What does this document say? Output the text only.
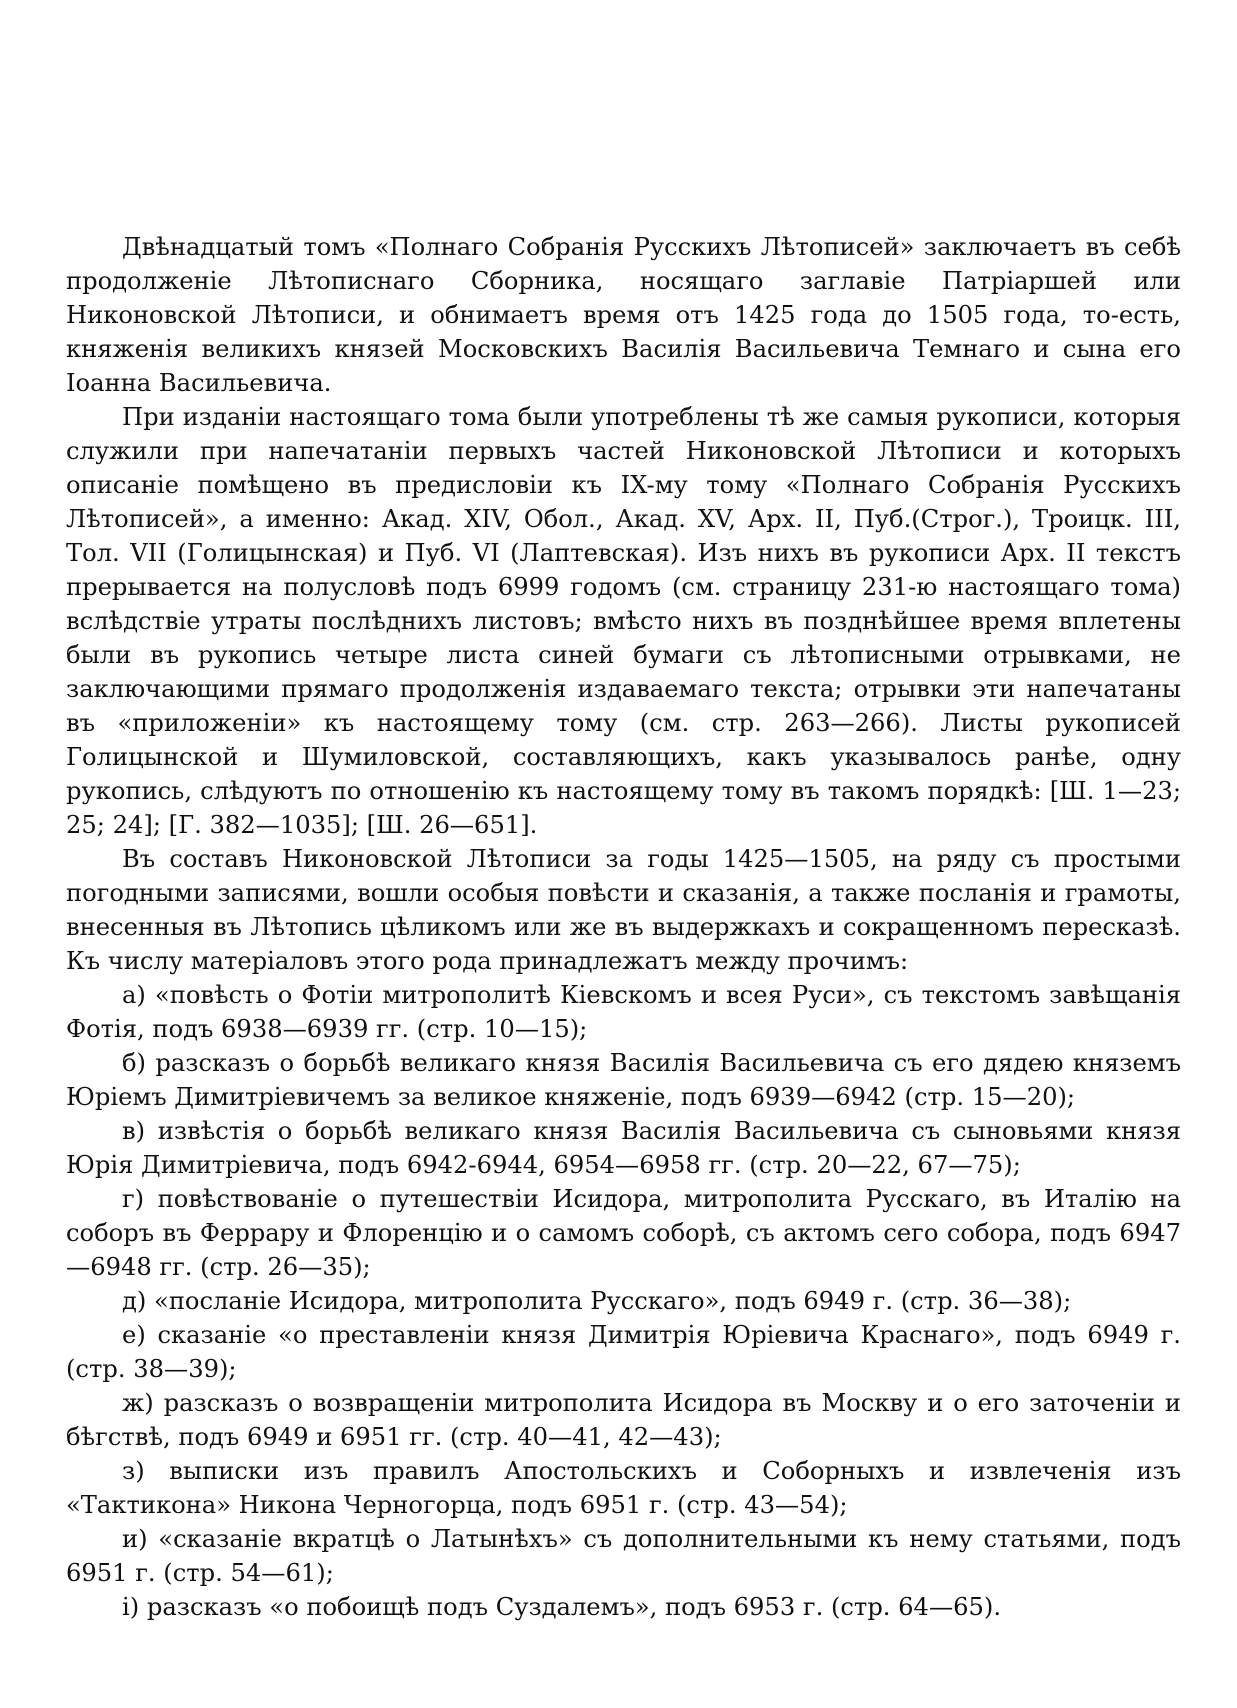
Двѣнадцатый томъ «Полнаго Собранія Русскихъ Лѣтописей» заключаетъ въ себѣ продолженіе Лѣтописнаго Сборника, носящаго заглавіе Патріаршей или Никоновской Лѣтописи, и обнимаетъ время отъ 1425 года до 1505 года, то-есть, княженія великихъ князей Московскихъ Василія Васильевича Темнаго и сына его Іоанна Васильевича.

При изданіи настоящаго тома были употреблены тѣ же самыя рукописи, которыя служили при напечатаніи первыхъ частей Никоновской Лѣтописи и которыхъ описаніе помѣщено въ предисловіи къ IX-му тому «Полнаго Собранія Русскихъ Лѣтописей», а именно: Акад. XIV, Обол., Акад. XV, Арх. II, Пуб.(Строг.), Троицк. III, Тол. VII (Голицынская) и Пуб. VI (Лаптевская). Изъ нихъ въ рукописи Арх. II текстъ прерывается на полусловѣ подъ 6999 годомъ (см. страницу 231-ю настоящаго тома) вслѣдствіе утраты послѣднихъ листовъ; вмѣсто нихъ въ позднѣйшее время вплетены были въ рукопись четыре листа синей бумаги съ лѣтописными отрывками, не заключающими прямаго продолженія издаваемаго текста; отрывки эти напечатаны въ «приложеніи» къ настоящему тому (см. стр. 263—266). Листы рукописей Голицынской и Шумиловской, составляющихъ, какъ указывалось ранѣе, одну рукопись, слѣдуютъ по отношенію къ настоящему тому въ такомъ порядкѣ: [Ш. 1—23; 25; 24]; [Г. 382—1035]; [Ш. 26—651].

Въ составъ Никоновской Лѣтописи за годы 1425—1505, на ряду съ простыми погодными записями, вошли особыя повѣсти и сказанія, а также посланія и грамоты, внесенныя въ Лѣтопись цѣликомъ или же въ выдержкахъ и сокращенномъ пересказѣ. Къ числу матеріаловъ этого рода принадлежатъ между прочимъ:

а) «повѣсть о Фотіи митрополитѣ Кіевскомъ и всея Руси», съ текстомъ завѣщанія Фотія, подъ 6938—6939 гг. (стр. 10—15);

б) разсказъ о борьбѣ великаго князя Василія Васильевича съ его дядею княземъ Юріемъ Димитріевичемъ за великое княженіе, подъ 6939—6942 (стр. 15—20);

в) извѣстія о борьбѣ великаго князя Василія Васильевича съ сыновьями князя Юрія Димитріевича, подъ 6942-6944, 6954—6958 гг. (стр. 20—22, 67—75);

г) повѣствованіе о путешествіи Исидора, митрополита Русскаго, въ Италію на соборъ въ Феррару и Флоренцію и о самомъ соборѣ, съ актомъ сего собора, подъ 6947—6948 гг. (стр. 26—35);

д) «посланіе Исидора, митрополита Русскаго», подъ 6949 г. (стр. 36—38);

е) сказаніе «о преставленіи князя Димитрія Юріевича Краснаго», подъ 6949 г. (стр. 38—39);

ж) разсказъ о возвращеніи митрополита Исидора въ Москву и о его заточеніи и бѣгствѣ, подъ 6949 и 6951 гг. (стр. 40—41, 42—43);

з) выписки изъ правилъ Апостольскихъ и Соборныхъ и извлеченія изъ «Тактикона» Никона Черногорца, подъ 6951 г. (стр. 43—54);

и) «сказаніе вкратцѣ о Латынѣхъ» съ дополнительными къ нему статьями, подъ 6951 г. (стр. 54—61);

і) разсказъ «о побоищѣ подъ Суздалемъ», подъ 6953 г. (стр. 64—65).
